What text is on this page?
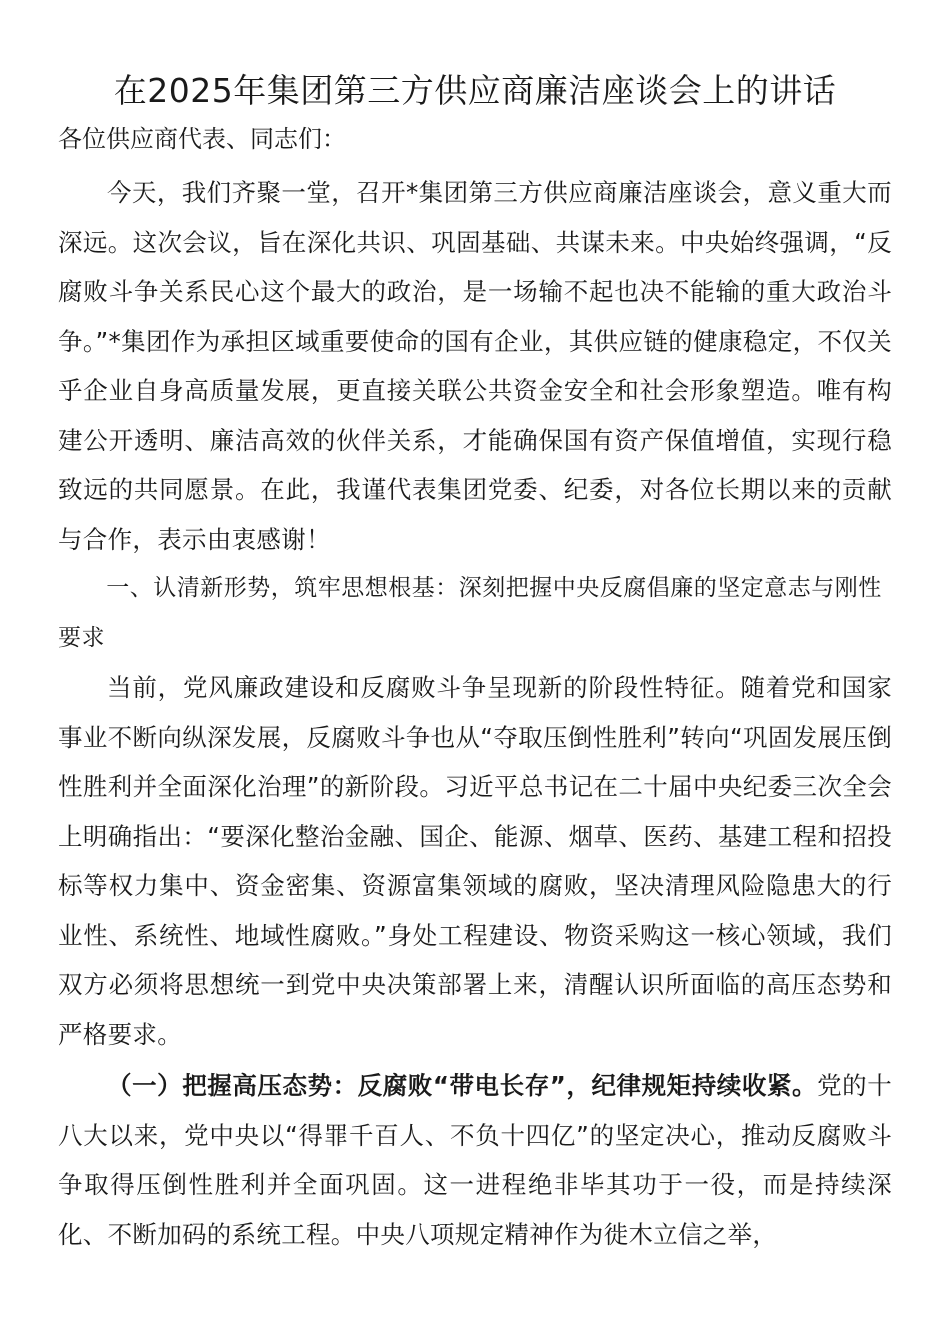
在2025年集团第三方供应商廉洁座谈会上的讲话

各位供应商代表、同志们：

今天，我们齐聚一堂，召开*集团第三方供应商廉洁座谈会，意义重大而深远。这次会议，旨在深化共识、巩固基础、共谋未来。中央始终强调，“反腐败斗争关系民心这个最大的政治，是一场输不起也决不能输的重大政治斗争。”*集团作为承担区域重要使命的国有企业，其供应链的健康稳定，不仅关乎企业自身高质量发展，更直接关联公共资金安全和社会形象塑造。唯有构建公开透明、廉洁高效的伙伴关系，才能确保国有资产保值增值，实现行稳致远的共同愿景。在此，我谨代表集团党委、纪委，对各位长期以来的贡献与合作，表示由衷感谢！

一、认清新形势，筑牢思想根基：深刻把握中央反腐倡廉的坚定意志与刚性要求

当前，党风廉政建设和反腐败斗争呈现新的阶段性特征。随着党和国家事业不断向纵深发展，反腐败斗争也从“夺取压倒性胜利”转向“巩固发展压倒性胜利并全面深化治理”的新阶段。习近平总书记在二十届中央纪委三次全会上明确指出：“要深化整治金融、国企、能源、烟草、医药、基建工程和招投标等权力集中、资金密集、资源富集领域的腐败，坚决清理风险隐患大的行业性、系统性、地域性腐败。”身处工程建设、物资采购这一核心领域，我们双方必须将思想统一到党中央决策部署上来，清醒认识所面临的高压态势和严格要求。

（一）把握高压态势：反腐败“带电长存”，纪律规矩持续收紧。党的十八大以来，党中央以“得罪千百人、不负十四亿”的坚定决心，推动反腐败斗争取得压倒性胜利并全面巩固。这一进程绝非毕其功于一役，而是持续深化、不断加码的系统工程。中央八项规定精神作为徙木立信之举，
